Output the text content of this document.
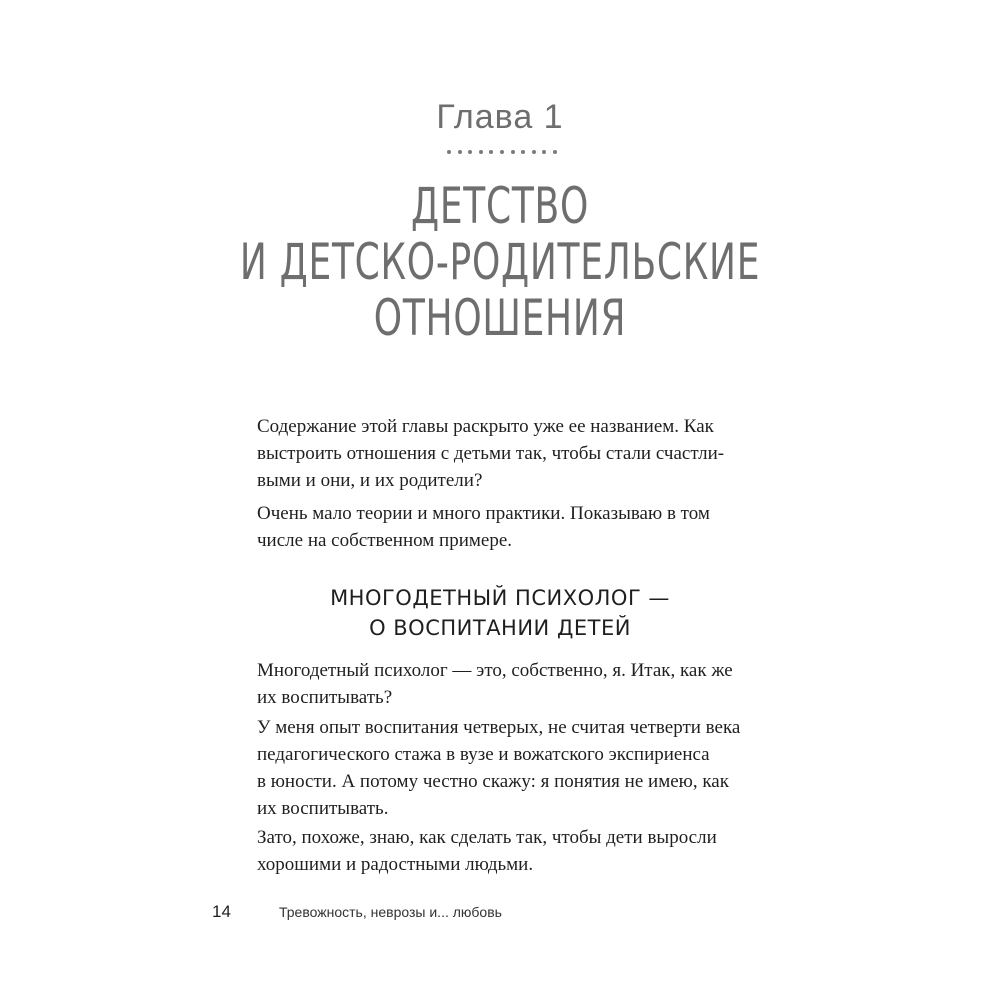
Глава 1
ДЕТСТВО
И ДЕТСКО-РОДИТЕЛЬСКИЕ
ОТНОШЕНИЯ
Содержание этой главы раскрыто уже ее названием. Как
выстроить отношения с детьми так, чтобы стали счастли-
выми и они, и их родители?
Очень мало теории и много практики. Показываю в том
числе на собственном примере.
МНОГОДЕТНЫЙ ПСИХОЛОГ —
О ВОСПИТАНИИ ДЕТЕЙ
Многодетный психолог — это, собственно, я. Итак, как же
их воспитывать?
У меня опыт воспитания четверых, не считая четверти века
педагогического стажа в вузе и вожатского экспириенса
в юности. А потому честно скажу: я понятия не имею, как
их воспитывать.
Зато, похоже, знаю, как сделать так, чтобы дети выросли
хорошими и радостными людьми.
14	Тревожность, неврозы и... любовь
